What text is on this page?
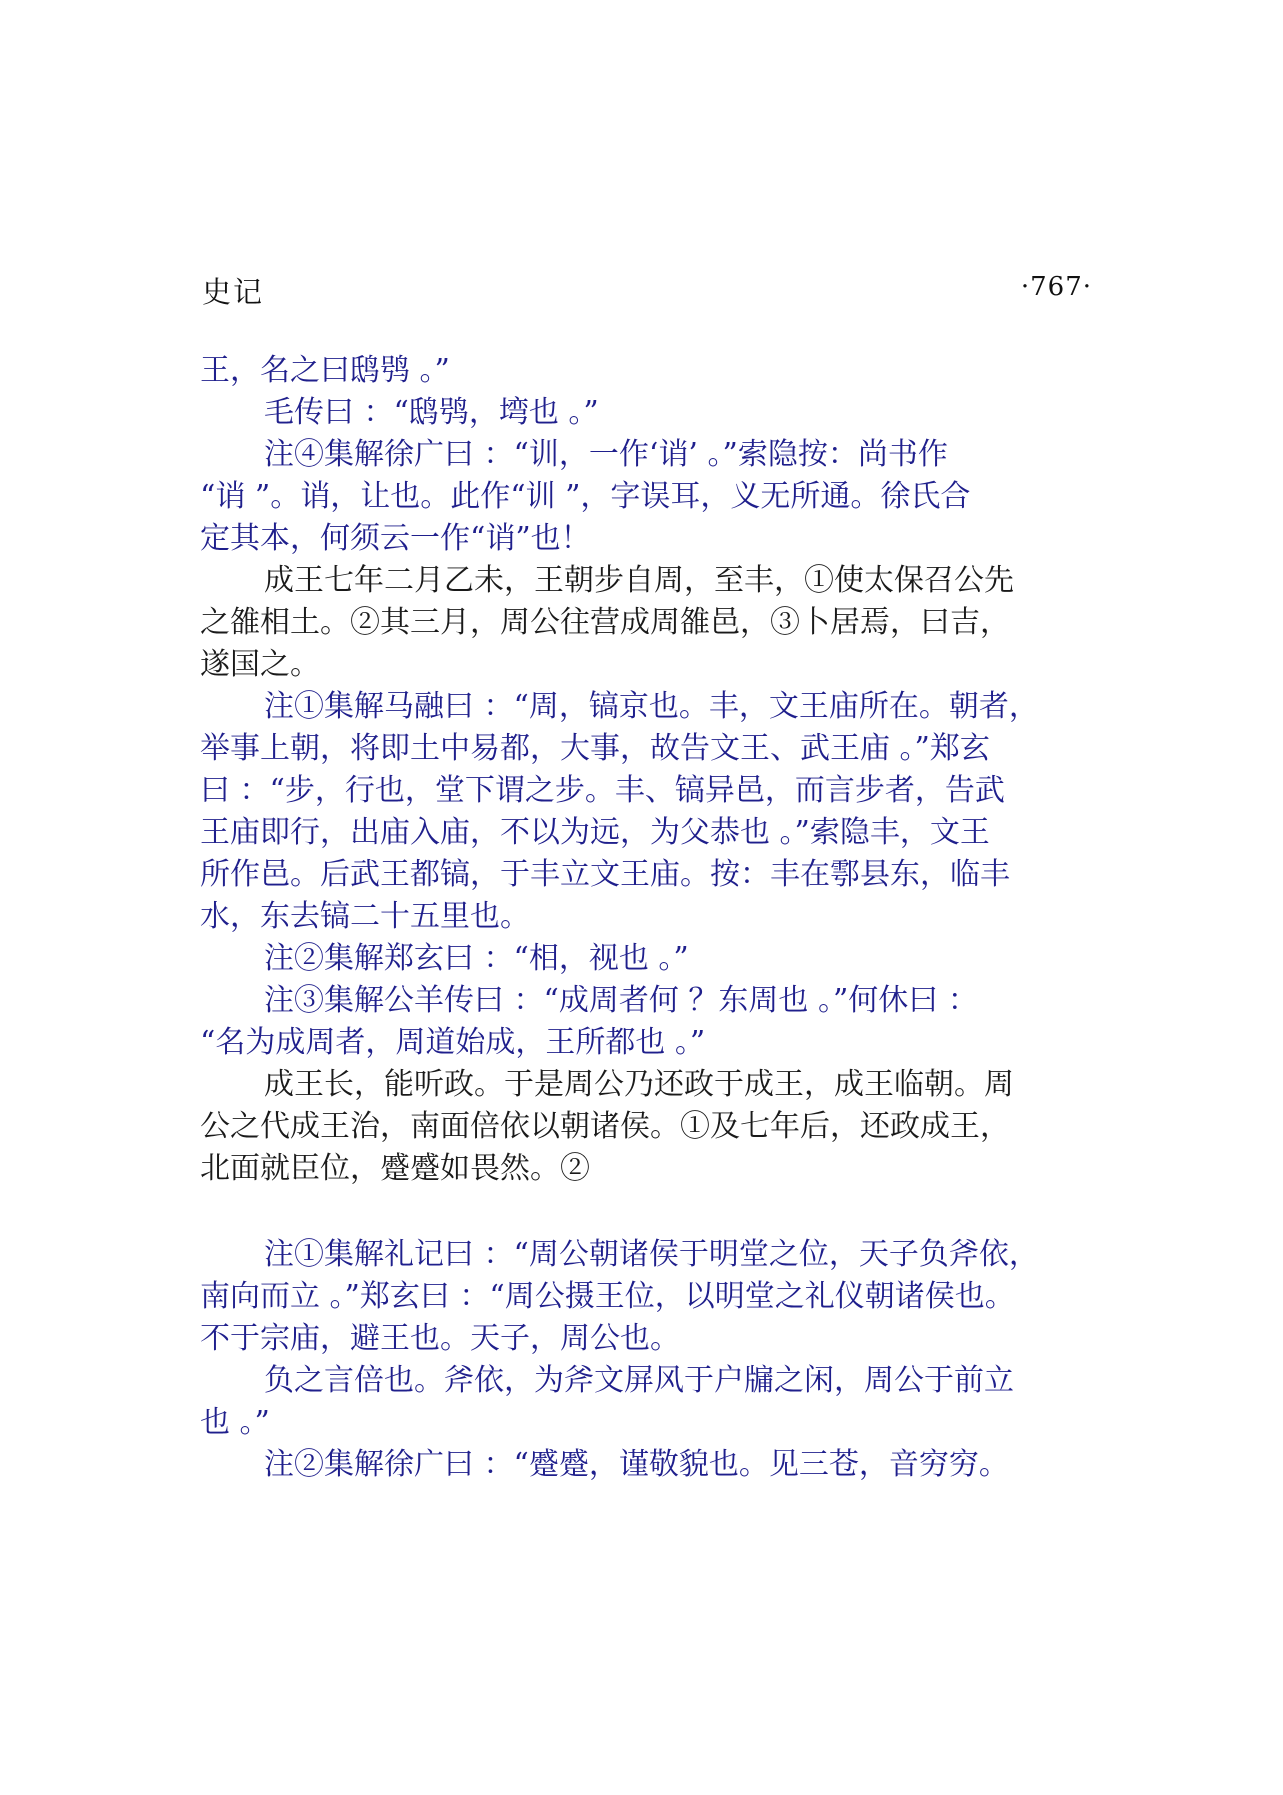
史记	·767·
王，名之曰鸱鸮 。”
毛传曰 ：“鸱鸮，塆也 。”
注④集解徐广曰 ：“训，一作‘诮’ 。”索隐按：尚书作
“诮 ”。诮，让也。此作“训 ”，字误耳，义无所通。徐氏合
定其本，何须云一作“诮”也！
成王七年二月乙未，王朝步自周，至丰，①使太保召公先
之雒相土。②其三月，周公往营成周雒邑，③卜居焉，曰吉，
遂国之。
注①集解马融曰 ：“周，镐京也。丰，文王庙所在。朝者，
举事上朝，将即土中易都，大事，故告文王、武王庙 。”郑玄
曰 ：“步，行也，堂下谓之步。丰、镐异邑，而言步者，告武
王庙即行，出庙入庙，不以为远，为父恭也 。”索隐丰，文王
所作邑。后武王都镐，于丰立文王庙。按：丰在鄠县东，临丰
水，东去镐二十五里也。
注②集解郑玄曰 ：“相，视也 。”
注③集解公羊传曰 ：“成周者何 ？东周也 。”何休曰 ：
“名为成周者，周道始成，王所都也 。”
成王长，能听政。于是周公乃还政于成王，成王临朝。周
公之代成王治，南面倍依以朝诸侯。①及七年后，还政成王，
北面就臣位，蹙蹙如畏然。②
注①集解礼记曰 ：“周公朝诸侯于明堂之位，天子负斧依，
南向而立 。”郑玄曰 ：“周公摄王位，以明堂之礼仪朝诸侯也。
不于宗庙，避王也。天子，周公也。
负之言倍也。斧依，为斧文屏风于户牖之闲，周公于前立
也 。”
注②集解徐广曰 ：“蹙蹙，谨敬貌也。见三苍，音穷穷。
